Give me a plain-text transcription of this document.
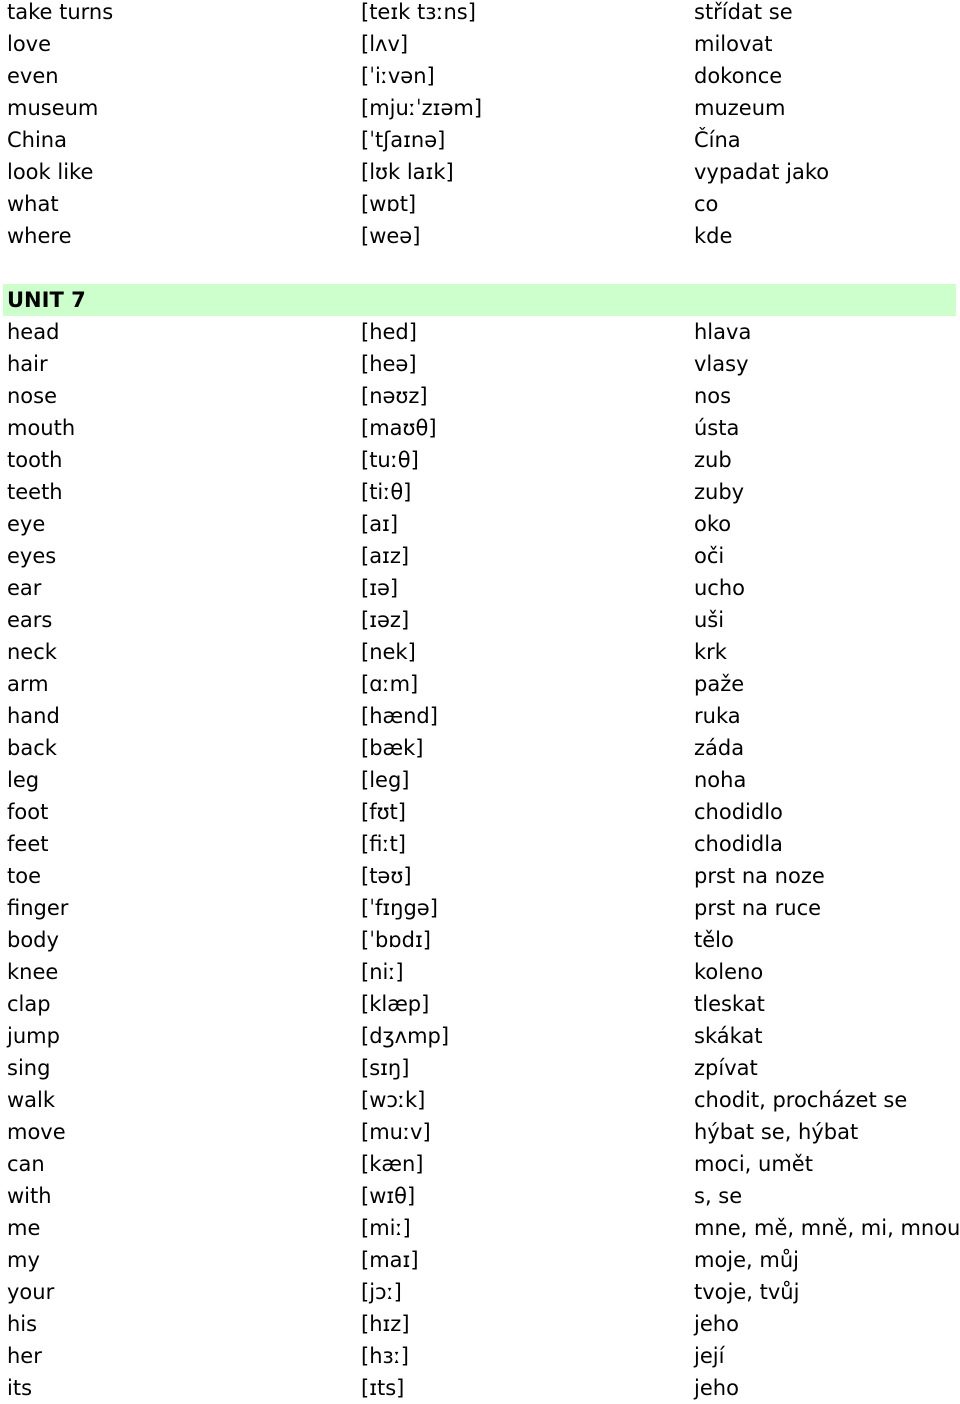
take turns	[teɪk tɜːns]	střídat se
love	[lʌv]	milovat
even	[ˈiːvən]	dokonce
museum	[mjuːˈzɪəm]	muzeum
China	[ˈtʃaɪnə]	Čína
look like	[lʊk laɪk]	vypadat jako
what	[wɒt]	co
where	[weə]	kde
UNIT 7
head	[hed]	hlava
hair	[heə]	vlasy
nose	[nəʊz]	nos
mouth	[maʊθ]	ústa
tooth	[tuːθ]	zub
teeth	[tiːθ]	zuby
eye	[aɪ]	oko
eyes	[aɪz]	oči
ear	[ɪə]	ucho
ears	[ɪəz]	uši
neck	[nek]	krk
arm	[ɑːm]	paže
hand	[hænd]	ruka
back	[bæk]	záda
leg	[leg]	noha
foot	[fʊt]	chodidlo
feet	[fiːt]	chodidla
toe	[təʊ]	prst na noze
finger	[ˈfɪŋgə]	prst na ruce
body	[ˈbɒdɪ]	tělo
knee	[niː]	koleno
clap	[klæp]	tleskat
jump	[dʒʌmp]	skákat
sing	[sɪŋ]	zpívat
walk	[wɔːk]	chodit, procházet se
move	[muːv]	hýbat se, hýbat
can	[kæn]	moci, umět
with	[wɪθ]	s, se
me	[miː]	mne, mě, mně, mi, mnou
my	[maɪ]	moje, můj
your	[jɔː]	tvoje, tvůj
his	[hɪz]	jeho
her	[hɜː]	její
its	[ɪts]	jeho
